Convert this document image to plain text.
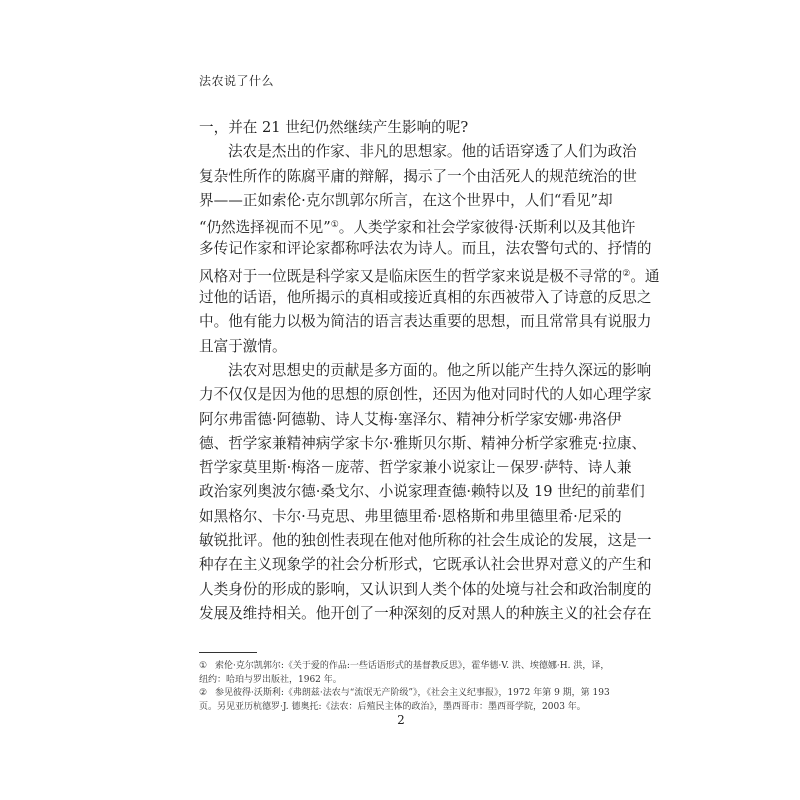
法农说了什么
一，并在 21 世纪仍然继续产生影响的呢?
法农是杰出的作家、非凡的思想家。他的话语穿透了人们为政治
复杂性所作的陈腐平庸的辩解，揭示了一个由活死人的规范统治的世
界——正如索伦·克尔凯郭尔所言，在这个世界中，人们“看见”却
“仍然选择视而不见”①。人类学家和社会学家彼得·沃斯利以及其他许
多传记作家和评论家都称呼法农为诗人。而且，法农警句式的、抒情的
风格对于一位既是科学家又是临床医生的哲学家来说是极不寻常的②。通
过他的话语，他所揭示的真相或接近真相的东西被带入了诗意的反思之
中。他有能力以极为简洁的语言表达重要的思想，而且常常具有说服力
且富于激情。
法农对思想史的贡献是多方面的。他之所以能产生持久深远的影响
力不仅仅是因为他的思想的原创性，还因为他对同时代的人如心理学家
阿尔弗雷德·阿德勒、诗人艾梅·塞泽尔、精神分析学家安娜·弗洛伊
德、哲学家兼精神病学家卡尔·雅斯贝尔斯、精神分析学家雅克·拉康、
哲学家莫里斯·梅洛－庞蒂、哲学家兼小说家让－保罗·萨特、诗人兼
政治家列奥波尔德·桑戈尔、小说家理查德·赖特以及 19 世纪的前辈们
如黑格尔、卡尔·马克思、弗里德里希·恩格斯和弗里德里希·尼采的
敏锐批评。他的独创性表现在他对他所称的社会生成论的发展，这是一
种存在主义现象学的社会分析形式，它既承认社会世界对意义的产生和
人类身份的形成的影响，又认识到人类个体的处境与社会和政治制度的
发展及维持相关。他开创了一种深刻的反对黑人的种族主义的社会存在
① 索伦·克尔凯郭尔:《关于爱的作品:一些话语形式的基督教反思》，霍华德·V. 洪、埃德娜·H. 洪，译，
纽约：哈珀与罗出版社，1962 年。
② 参见彼得·沃斯利:《弗朗兹·法农与“流氓无产阶级”》，《社会主义纪事报》，1972 年第 9 期，第 193
页。另见亚历杭德罗·J. 德奥托:《法农：后殖民主体的政治》，墨西哥市：墨西哥学院，2003 年。
2
